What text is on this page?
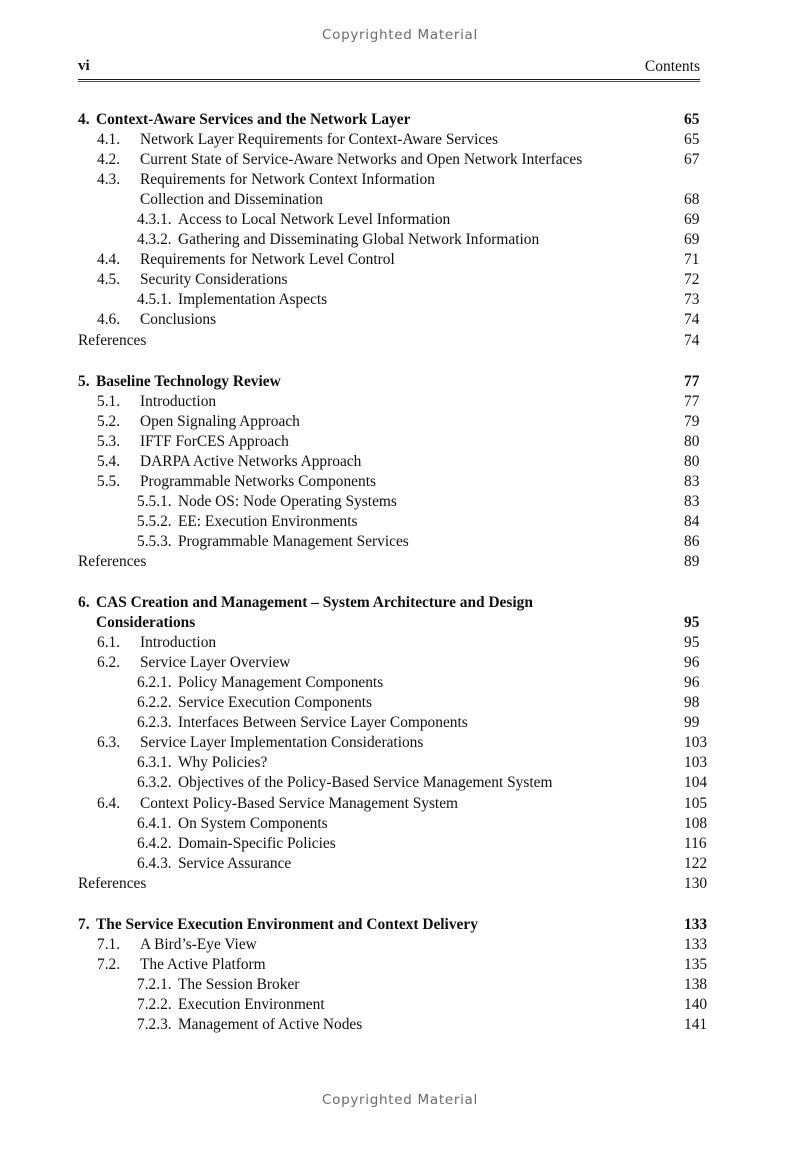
Copyrighted Material
vi	Contents
4. Context-Aware Services and the Network Layer	65
4.1. Network Layer Requirements for Context-Aware Services	65
4.2. Current State of Service-Aware Networks and Open Network Interfaces	67
4.3. Requirements for Network Context Information
Collection and Dissemination	68
4.3.1. Access to Local Network Level Information	69
4.3.2. Gathering and Disseminating Global Network Information	69
4.4. Requirements for Network Level Control	71
4.5. Security Considerations	72
4.5.1. Implementation Aspects	73
4.6. Conclusions	74
References	74
5. Baseline Technology Review	77
5.1. Introduction	77
5.2. Open Signaling Approach	79
5.3. IFTF ForCES Approach	80
5.4. DARPA Active Networks Approach	80
5.5. Programmable Networks Components	83
5.5.1. Node OS: Node Operating Systems	83
5.5.2. EE: Execution Environments	84
5.5.3. Programmable Management Services	86
References	89
6. CAS Creation and Management – System Architecture and Design
Considerations	95
6.1. Introduction	95
6.2. Service Layer Overview	96
6.2.1. Policy Management Components	96
6.2.2. Service Execution Components	98
6.2.3. Interfaces Between Service Layer Components	99
6.3. Service Layer Implementation Considerations	103
6.3.1. Why Policies?	103
6.3.2. Objectives of the Policy-Based Service Management System	104
6.4. Context Policy-Based Service Management System	105
6.4.1. On System Components	108
6.4.2. Domain-Specific Policies	116
6.4.3. Service Assurance	122
References	130
7. The Service Execution Environment and Context Delivery	133
7.1. A Bird’s-Eye View	133
7.2. The Active Platform	135
7.2.1. The Session Broker	138
7.2.2. Execution Environment	140
7.2.3. Management of Active Nodes	141
Copyrighted Material
